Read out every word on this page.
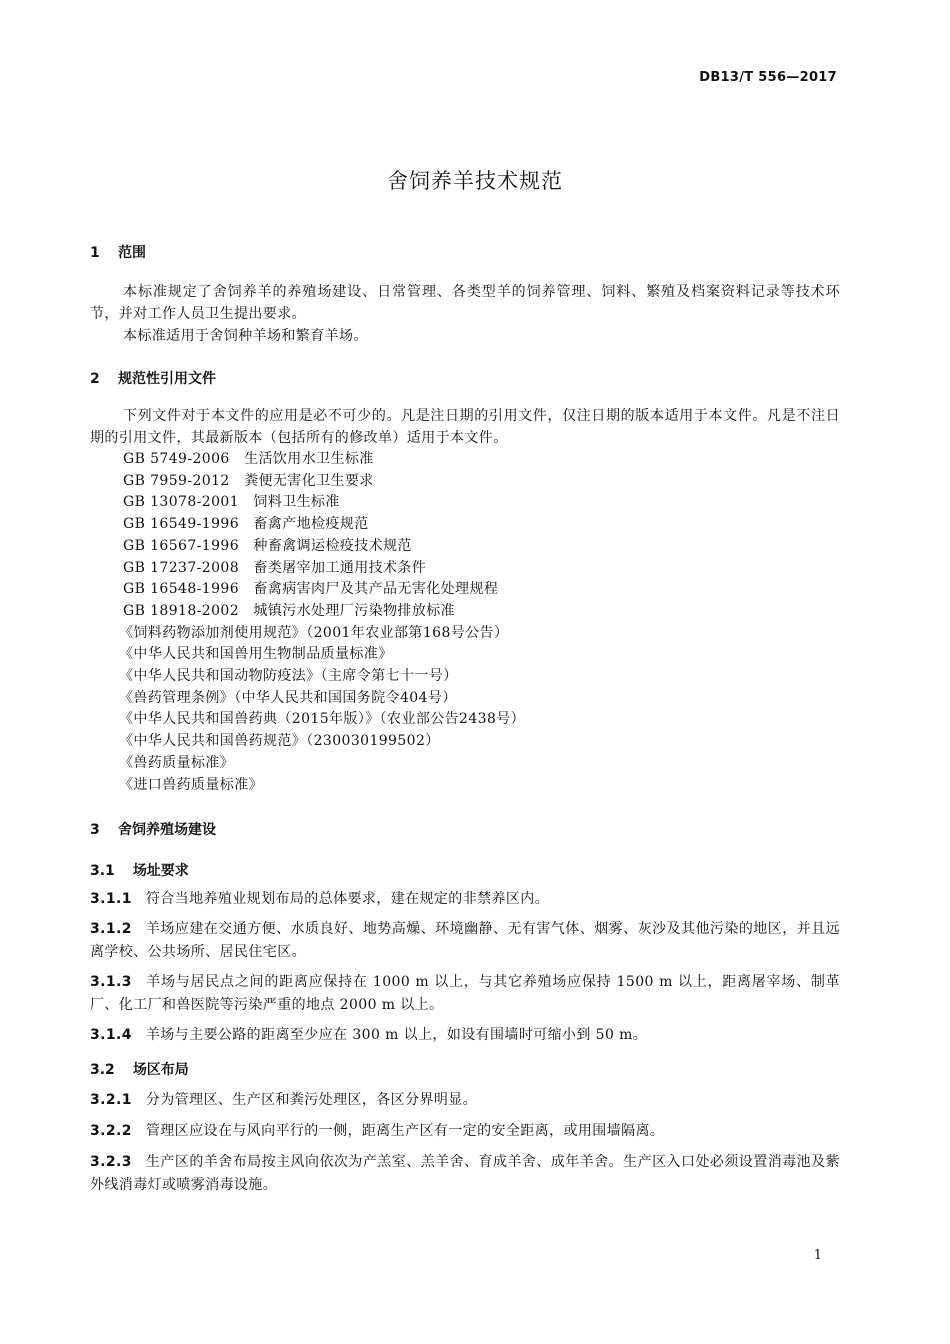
DB13/T 556—2017
舍饲养羊技术规范
1 范围
本标准规定了舍饲养羊的养殖场建设、日常管理、各类型羊的饲养管理、饲料、繁殖及档案资料记录等技术环节，并对工作人员卫生提出要求。
本标准适用于舍饲种羊场和繁育羊场。
2 规范性引用文件
下列文件对于本文件的应用是必不可少的。凡是注日期的引用文件，仅注日期的版本适用于本文件。凡是不注日期的引用文件，其最新版本（包括所有的修改单）适用于本文件。
GB 5749-2006　生活饮用水卫生标准
GB 7959-2012　粪便无害化卫生要求
GB 13078-2001　饲料卫生标准
GB 16549-1996　畜禽产地检疫规范
GB 16567-1996　种畜禽调运检疫技术规范
GB 17237-2008　畜类屠宰加工通用技术条件
GB 16548-1996　畜禽病害肉尸及其产品无害化处理规程
GB 18918-2002　城镇污水处理厂污染物排放标准
《饲料药物添加剂使用规范》（2001年农业部第168号公告）
《中华人民共和国兽用生物制品质量标准》
《中华人民共和国动物防疫法》（主席令第七十一号）
《兽药管理条例》（中华人民共和国国务院令404号）
《中华人民共和国兽药典（2015年版）》（农业部公告2438号）
《中华人民共和国兽药规范》（230030199502）
《兽药质量标准》
《进口兽药质量标准》
3 舍饲养殖场建设
3.1 场址要求
3.1.1 符合当地养殖业规划布局的总体要求，建在规定的非禁养区内。
3.1.2 羊场应建在交通方便、水质良好、地势高燥、环境幽静、无有害气体、烟雾、灰沙及其他污染的地区，并且远离学校、公共场所、居民住宅区。
3.1.3 羊场与居民点之间的距离应保持在 1000 m 以上，与其它养殖场应保持 1500 m 以上，距离屠宰场、制革厂、化工厂和兽医院等污染严重的地点 2000 m 以上。
3.1.4 羊场与主要公路的距离至少应在 300 m 以上，如设有围墙时可缩小到 50 m。
3.2 场区布局
3.2.1 分为管理区、生产区和粪污处理区，各区分界明显。
3.2.2 管理区应设在与风向平行的一侧，距离生产区有一定的安全距离，或用围墙隔离。
3.2.3 生产区的羊舍布局按主风向依次为产羔室、羔羊舍、育成羊舍、成年羊舍。生产区入口处必须设置消毒池及紫外线消毒灯或喷雾消毒设施。
1
